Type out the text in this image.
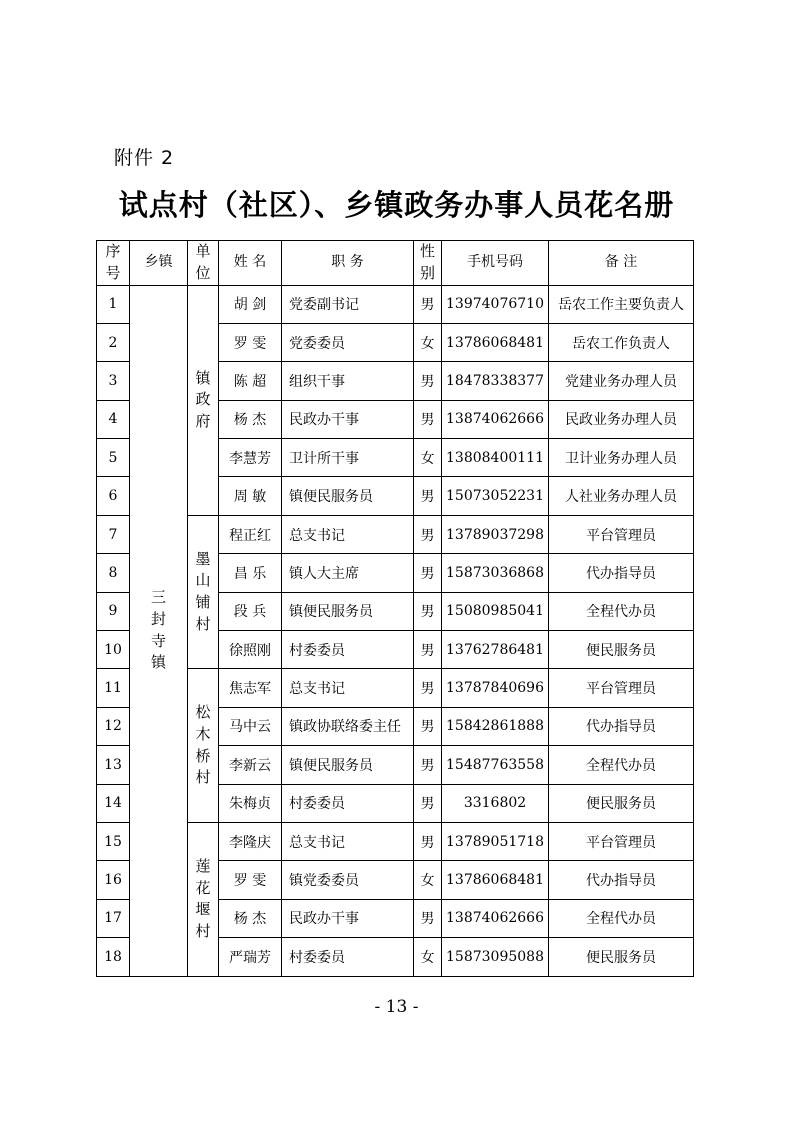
附件 2
试点村（社区）、乡镇政务办事人员花名册
序号	乡镇	单位	姓 名	职 务	性别	手机号码	备 注
1	三封寺镇	镇政府	胡 剑	党委副书记	男	13974076710	岳农工作主要负责人
2			罗 雯	党委委员	女	13786068481	岳农工作负责人
3			陈 超	组织干事	男	18478338377	党建业务办理人员
4			杨 杰	民政办干事	男	13874062666	民政业务办理人员
5			李慧芳	卫计所干事	女	13808400111	卫计业务办理人员
6			周 敏	镇便民服务员	男	15073052231	人社业务办理人员
7		墨山铺村	程正红	总支书记	男	13789037298	平台管理员
8			昌 乐	镇人大主席	男	15873036868	代办指导员
9			段 兵	镇便民服务员	男	15080985041	全程代办员
10			徐照刚	村委委员	男	13762786481	便民服务员
11		松木桥村	焦志军	总支书记	男	13787840696	平台管理员
12			马中云	镇政协联络委主任	男	15842861888	代办指导员
13			李新云	镇便民服务员	男	15487763558	全程代办员
14			朱梅贞	村委委员	男	3316802	便民服务员
15		莲花堰村	李隆庆	总支书记	男	13789051718	平台管理员
16			罗 雯	镇党委委员	女	13786068481	代办指导员
17			杨 杰	民政办干事	男	13874062666	全程代办员
18			严瑞芳	村委委员	女	15873095088	便民服务员
- 13 -
